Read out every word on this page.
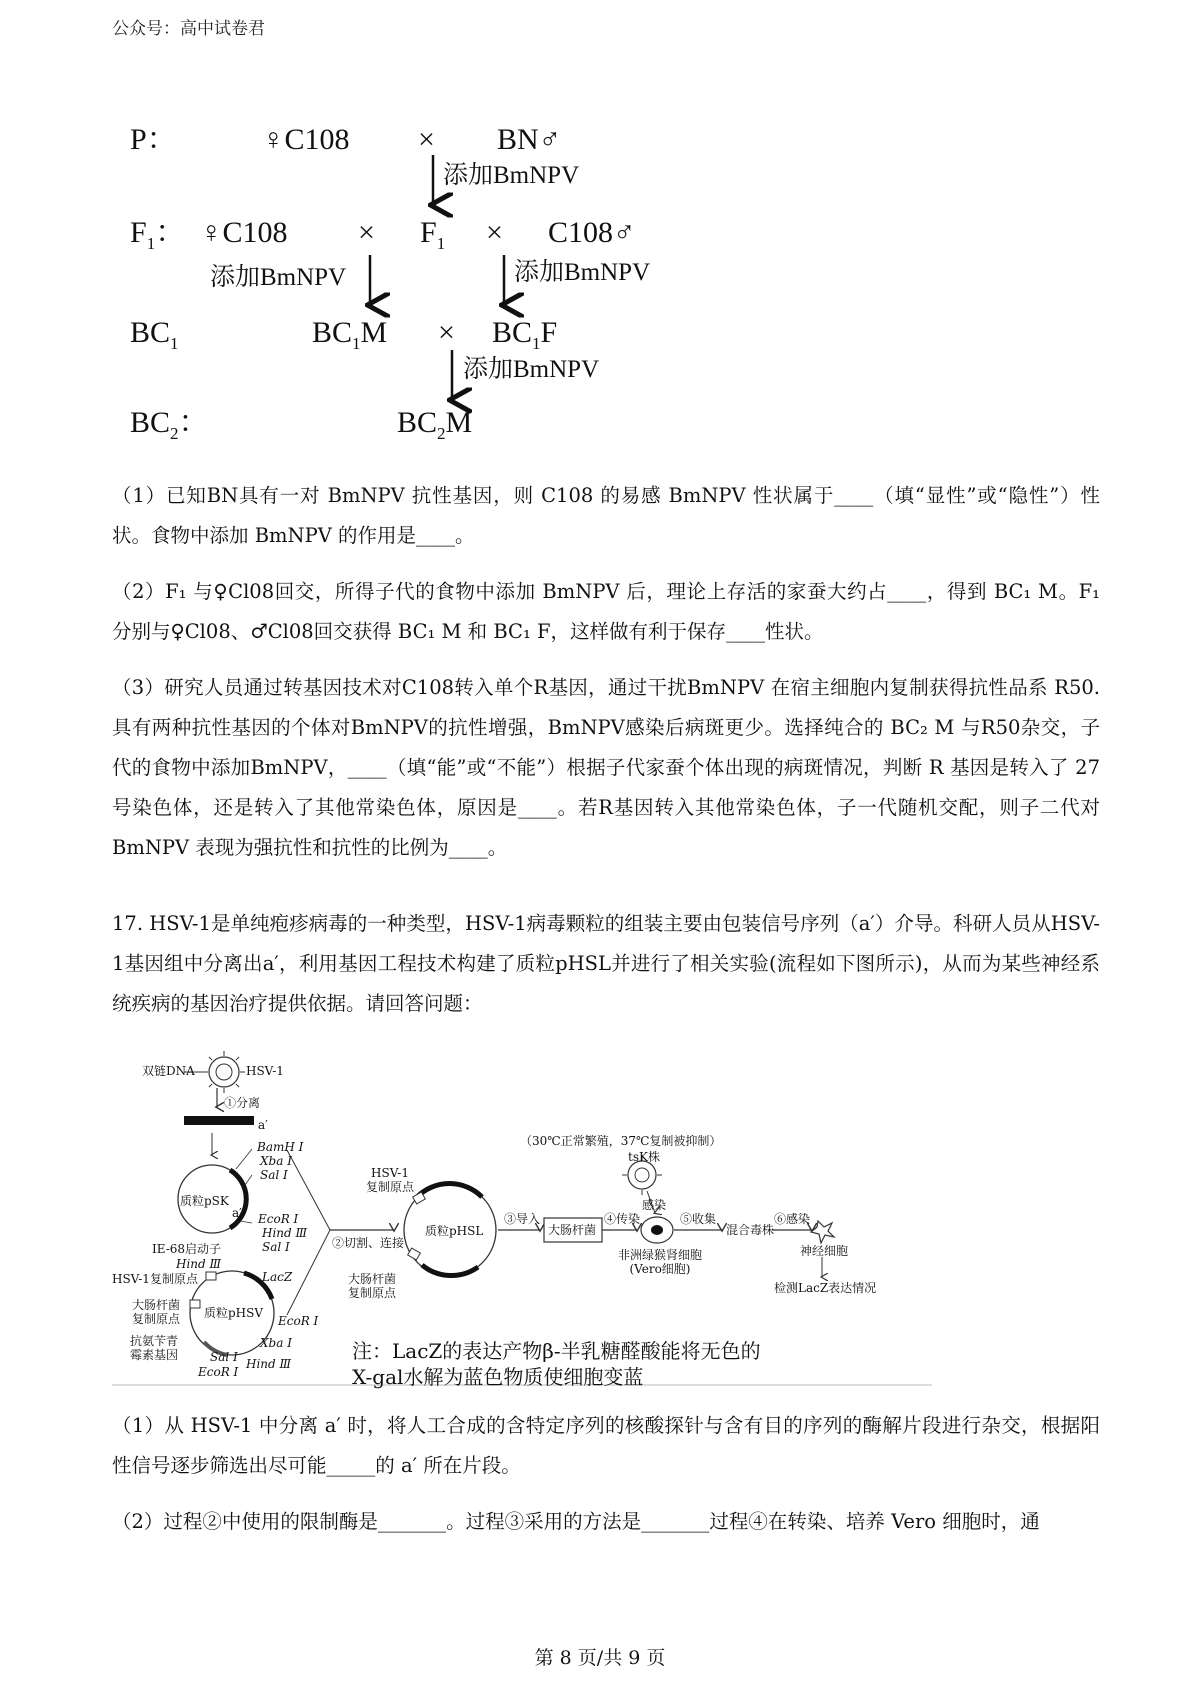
公众号：高中试卷君
P：	♀C108 × BN♂
添加BmNPV
$F_1$： ♀C108 × $F_1$ × C108♂
添加BmNPV	添加BmNPV
$BC_1$	$BC_1M \times BC_1F$
添加BmNPV
$BC_2$：	$BC_2M$

（1）已知BN具有一对 BmNPV 抗性基因，则 C108 的易感 BmNPV 性状属于____（填“显性”或“隐性”）性状。食物中添加 BmNPV 的作用是____。

（2）F₁ 与♀Cl08回交，所得子代的食物中添加 BmNPV 后，理论上存活的家蚕大约占____，得到 BC₁ M。F₁ 分别与♀Cl08、♂Cl08回交获得 BC₁ M 和 BC₁ F，这样做有利于保存____性状。

（3）研究人员通过转基因技术对C108转入单个R基因，通过干扰BmNPV 在宿主细胞内复制获得抗性品系 R50.具有两种抗性基因的个体对BmNPV的抗性增强，BmNPV感染后病斑更少。选择纯合的 BC₂ M 与R50杂交，子代的食物中添加BmNPV，____（填“能”或“不能”）根据子代家蚕个体出现的病斑情况，判断 R 基因是转入了 27 号染色体，还是转入了其他常染色体，原因是____。若R基因转入其他常染色体，子一代随机交配，则子二代对 BmNPV 表现为强抗性和抗性的比例为____。

17. HSV-1是单纯疱疹病毒的一种类型，HSV-1病毒颗粒的组装主要由包装信号序列（a′）介导。科研人员从HSV-1基因组中分离出a′，利用基因工程技术构建了质粒pHSL并进行了相关实验(流程如下图所示)，从而为某些神经系统疾病的基因治疗提供依据。请回答问题：

双链DNA	HSV-1
①分离
a′
质粒pSK
a′
BamH Ⅰ
Xba Ⅰ
Sal Ⅰ
EcoR Ⅰ
Hind Ⅲ
Sal Ⅰ	②切割、连接
HSV-1
复制原点
质粒pHSL
大肠杆菌
复制原点
③导入
大肠杆菌
④传染
（30℃正常繁殖，37℃复制被抑制）
tsK株
感染
非洲绿猴肾细胞
(Vero细胞)
⑤收集
混合毒株
⑥感染
神经细胞
检测LacZ表达情况
IE-68启动子
Hind Ⅲ
HSV-1复制原点
大肠杆菌
复制原点
抗氨苄青
霉素基因
质粒pHSV
LacZ
EcoR Ⅰ
Xba Ⅰ
Hind Ⅲ
Sal Ⅰ
EcoR Ⅰ
注：LacZ的表达产物β-半乳糖醛酸能将无色的
X-gal水解为蓝色物质使细胞变蓝

（1）从 HSV-1 中分离 a′ 时，将人工合成的含特定序列的核酸探针与含有目的序列的酶解片段进行杂交，根据阳性信号逐步筛选出尽可能_____的 a′ 所在片段。

（2）过程②中使用的限制酶是_______。过程③采用的方法是_______过程④在转染、培养 Vero 细胞时，通

第 8 页/共 9 页
